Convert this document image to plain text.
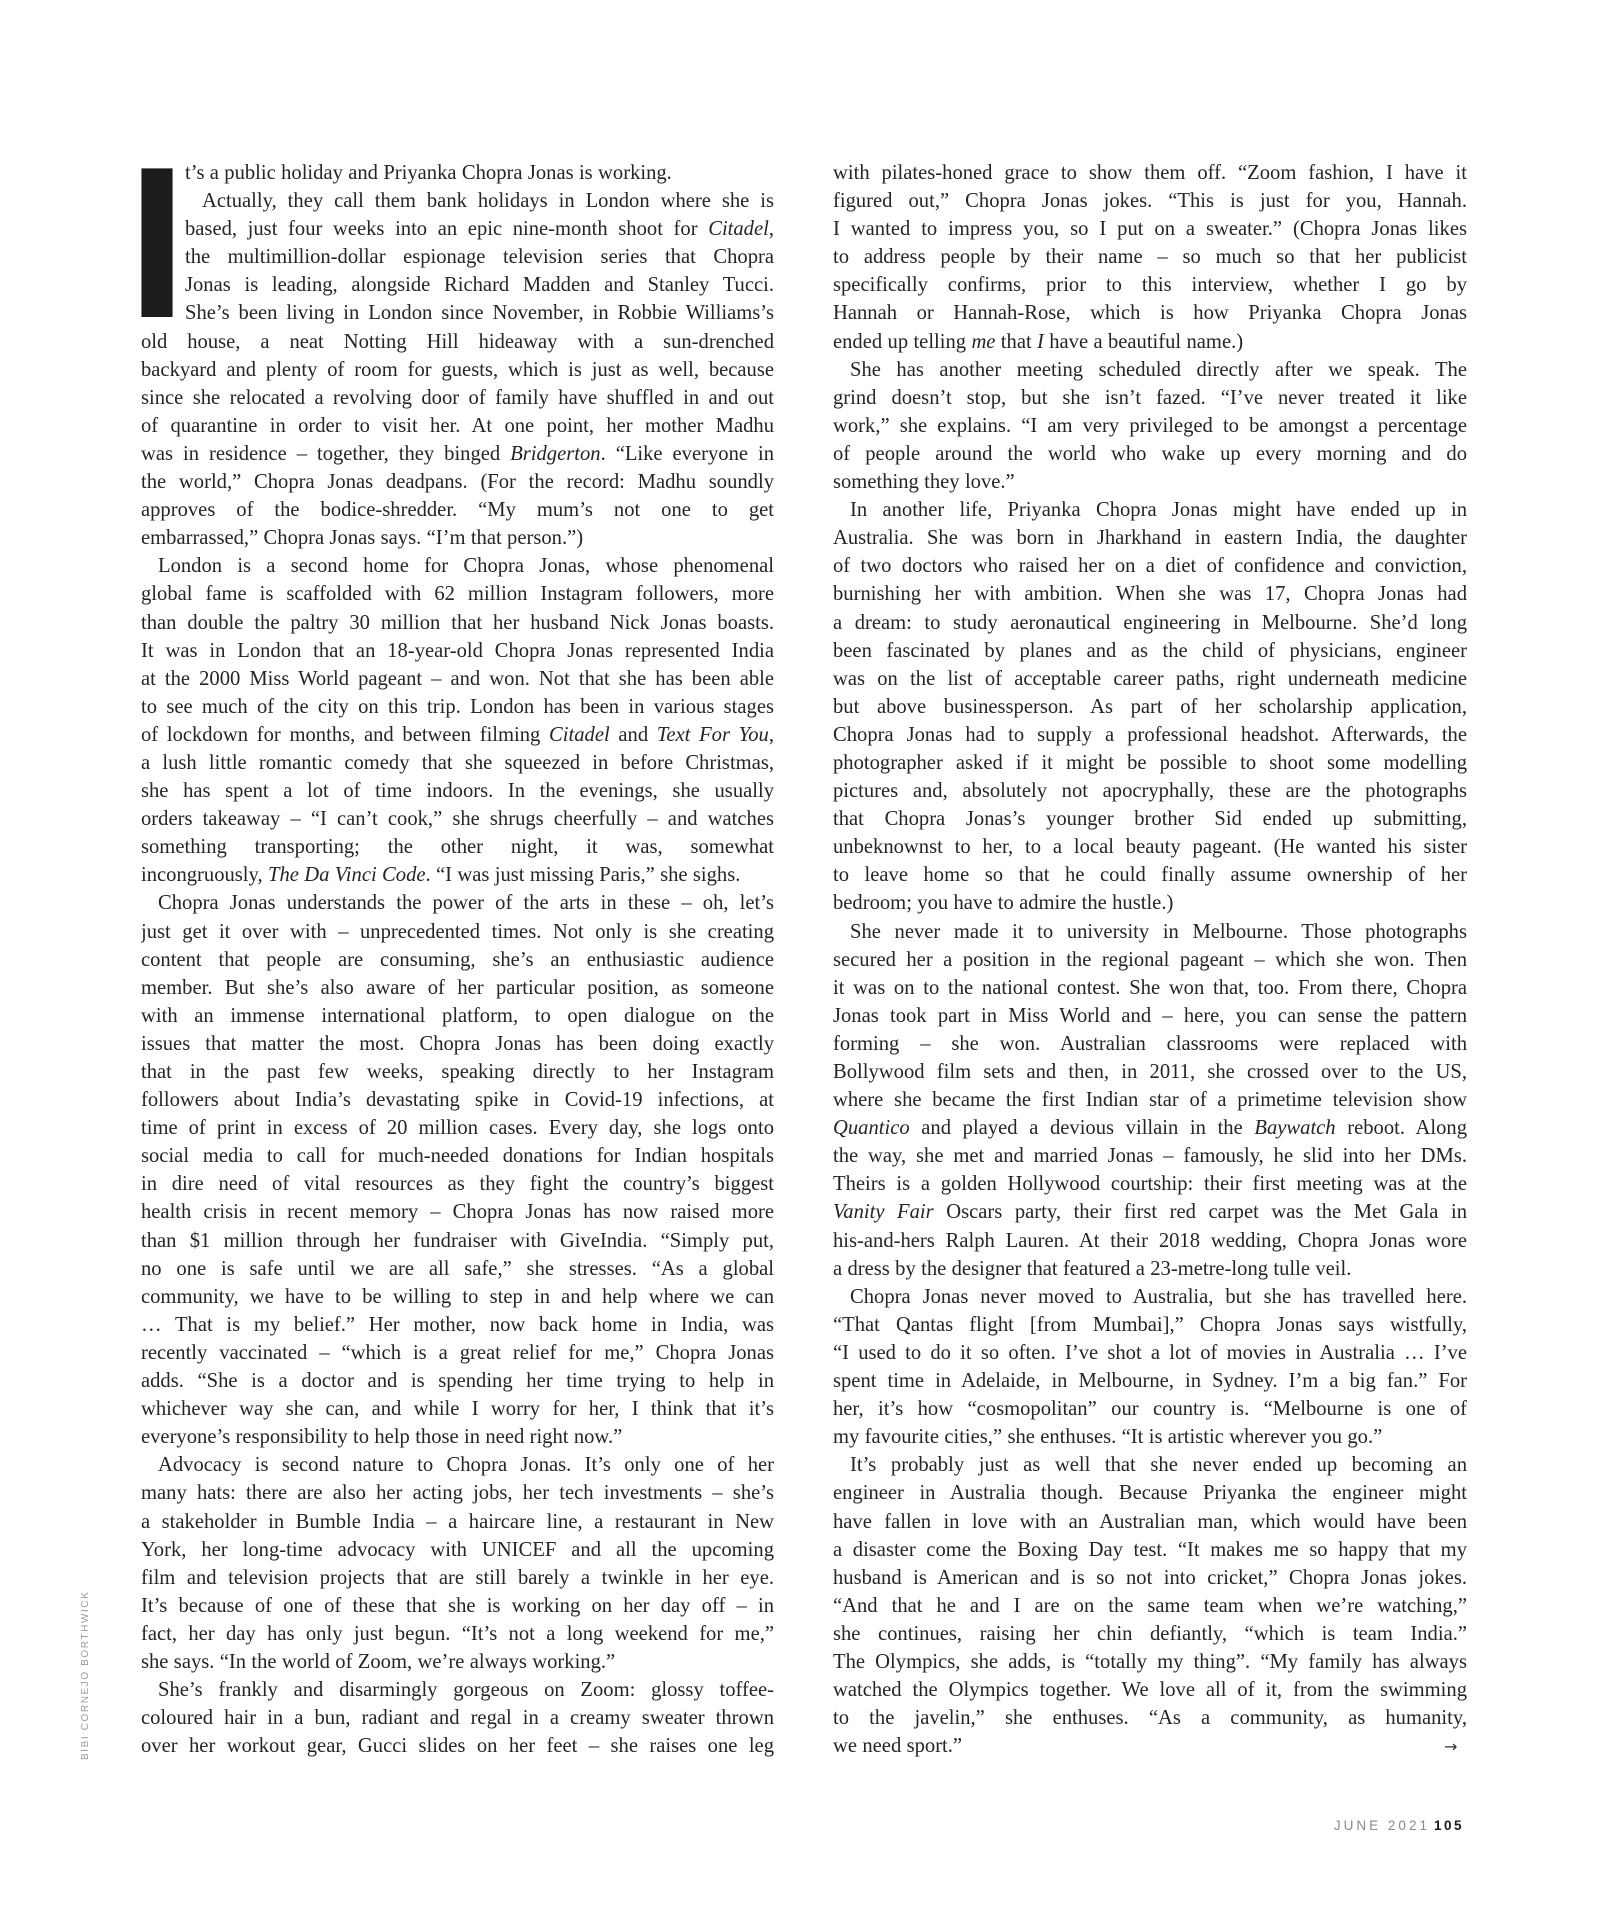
I
t’s a public holiday and Priyanka Chopra Jonas is working.
Actually, they call them bank holidays in London where she is
based, just four weeks into an epic nine-month shoot for Citadel,
the multimillion-dollar espionage television series that Chopra
Jonas is leading, alongside Richard Madden and Stanley Tucci.
She’s been living in London since November, in Robbie Williams’s
old house, a neat Notting Hill hideaway with a sun-drenched
backyard and plenty of room for guests, which is just as well, because
since she relocated a revolving door of family have shuffled in and out
of quarantine in order to visit her. At one point, her mother Madhu
was in residence – together, they binged Bridgerton. “Like everyone in
the world,” Chopra Jonas deadpans. (For the record: Madhu soundly
approves of the bodice-shredder. “My mum’s not one to get
embarrassed,” Chopra Jonas says. “I’m that person.”)
London is a second home for Chopra Jonas, whose phenomenal
global fame is scaffolded with 62 million Instagram followers, more
than double the paltry 30 million that her husband Nick Jonas boasts.
It was in London that an 18-year-old Chopra Jonas represented India
at the 2000 Miss World pageant – and won. Not that she has been able
to see much of the city on this trip. London has been in various stages
of lockdown for months, and between filming Citadel and Text For You,
a lush little romantic comedy that she squeezed in before Christmas,
she has spent a lot of time indoors. In the evenings, she usually
orders takeaway – “I can’t cook,” she shrugs cheerfully – and watches
something transporting; the other night, it was, somewhat
incongruously, The Da Vinci Code. “I was just missing Paris,” she sighs.
Chopra Jonas understands the power of the arts in these – oh, let’s
just get it over with – unprecedented times. Not only is she creating
content that people are consuming, she’s an enthusiastic audience
member. But she’s also aware of her particular position, as someone
with an immense international platform, to open dialogue on the
issues that matter the most. Chopra Jonas has been doing exactly
that in the past few weeks, speaking directly to her Instagram
followers about India’s devastating spike in Covid-19 infections, at
time of print in excess of 20 million cases. Every day, she logs onto
social media to call for much-needed donations for Indian hospitals
in dire need of vital resources as they fight the country’s biggest
health crisis in recent memory – Chopra Jonas has now raised more
than $1 million through her fundraiser with GiveIndia. “Simply put,
no one is safe until we are all safe,” she stresses. “As a global
community, we have to be willing to step in and help where we can
… That is my belief.” Her mother, now back home in India, was
recently vaccinated – “which is a great relief for me,” Chopra Jonas
adds. “She is a doctor and is spending her time trying to help in
whichever way she can, and while I worry for her, I think that it’s
everyone’s responsibility to help those in need right now.”
Advocacy is second nature to Chopra Jonas. It’s only one of her
many hats: there are also her acting jobs, her tech investments – she’s
a stakeholder in Bumble India – a haircare line, a restaurant in New
York, her long-time advocacy with UNICEF and all the upcoming
film and television projects that are still barely a twinkle in her eye.
It’s because of one of these that she is working on her day off – in
fact, her day has only just begun. “It’s not a long weekend for me,”
she says. “In the world of Zoom, we’re always working.”
She’s frankly and disarmingly gorgeous on Zoom: glossy toffee-
coloured hair in a bun, radiant and regal in a creamy sweater thrown
over her workout gear, Gucci slides on her feet – she raises one leg
with pilates-honed grace to show them off. “Zoom fashion, I have it
figured out,” Chopra Jonas jokes. “This is just for you, Hannah.
I wanted to impress you, so I put on a sweater.” (Chopra Jonas likes
to address people by their name – so much so that her publicist
specifically confirms, prior to this interview, whether I go by
Hannah or Hannah-Rose, which is how Priyanka Chopra Jonas
ended up telling me that I have a beautiful name.)
She has another meeting scheduled directly after we speak. The
grind doesn’t stop, but she isn’t fazed. “I’ve never treated it like
work,” she explains. “I am very privileged to be amongst a percentage
of people around the world who wake up every morning and do
something they love.”
In another life, Priyanka Chopra Jonas might have ended up in
Australia. She was born in Jharkhand in eastern India, the daughter
of two doctors who raised her on a diet of confidence and conviction,
burnishing her with ambition. When she was 17, Chopra Jonas had
a dream: to study aeronautical engineering in Melbourne. She’d long
been fascinated by planes and as the child of physicians, engineer
was on the list of acceptable career paths, right underneath medicine
but above businessperson. As part of her scholarship application,
Chopra Jonas had to supply a professional headshot. Afterwards, the
photographer asked if it might be possible to shoot some modelling
pictures and, absolutely not apocryphally, these are the photographs
that Chopra Jonas’s younger brother Sid ended up submitting,
unbeknownst to her, to a local beauty pageant. (He wanted his sister
to leave home so that he could finally assume ownership of her
bedroom; you have to admire the hustle.)
She never made it to university in Melbourne. Those photographs
secured her a position in the regional pageant – which she won. Then
it was on to the national contest. She won that, too. From there, Chopra
Jonas took part in Miss World and – here, you can sense the pattern
forming – she won. Australian classrooms were replaced with
Bollywood film sets and then, in 2011, she crossed over to the US,
where she became the first Indian star of a primetime television show
Quantico and played a devious villain in the Baywatch reboot. Along
the way, she met and married Jonas – famously, he slid into her DMs.
Theirs is a golden Hollywood courtship: their first meeting was at the
Vanity Fair Oscars party, their first red carpet was the Met Gala in
his-and-hers Ralph Lauren. At their 2018 wedding, Chopra Jonas wore
a dress by the designer that featured a 23-metre-long tulle veil.
Chopra Jonas never moved to Australia, but she has travelled here.
“That Qantas flight [from Mumbai],” Chopra Jonas says wistfully,
“I used to do it so often. I’ve shot a lot of movies in Australia … I’ve
spent time in Adelaide, in Melbourne, in Sydney. I’m a big fan.” For
her, it’s how “cosmopolitan” our country is. “Melbourne is one of
my favourite cities,” she enthuses. “It is artistic wherever you go.”
It’s probably just as well that she never ended up becoming an
engineer in Australia though. Because Priyanka the engineer might
have fallen in love with an Australian man, which would have been
a disaster come the Boxing Day test. “It makes me so happy that my
husband is American and is so not into cricket,” Chopra Jonas jokes.
“And that he and I are on the same team when we’re watching,”
she continues, raising her chin defiantly, “which is team India.”
The Olympics, she adds, is “totally my thing”. “My family has always
watched the Olympics together. We love all of it, from the swimming
to the javelin,” she enthuses. “As a community, as humanity,
we need sport.”	→
BIBI CORNEJO BORTHWICK
JUNE 2021 105
